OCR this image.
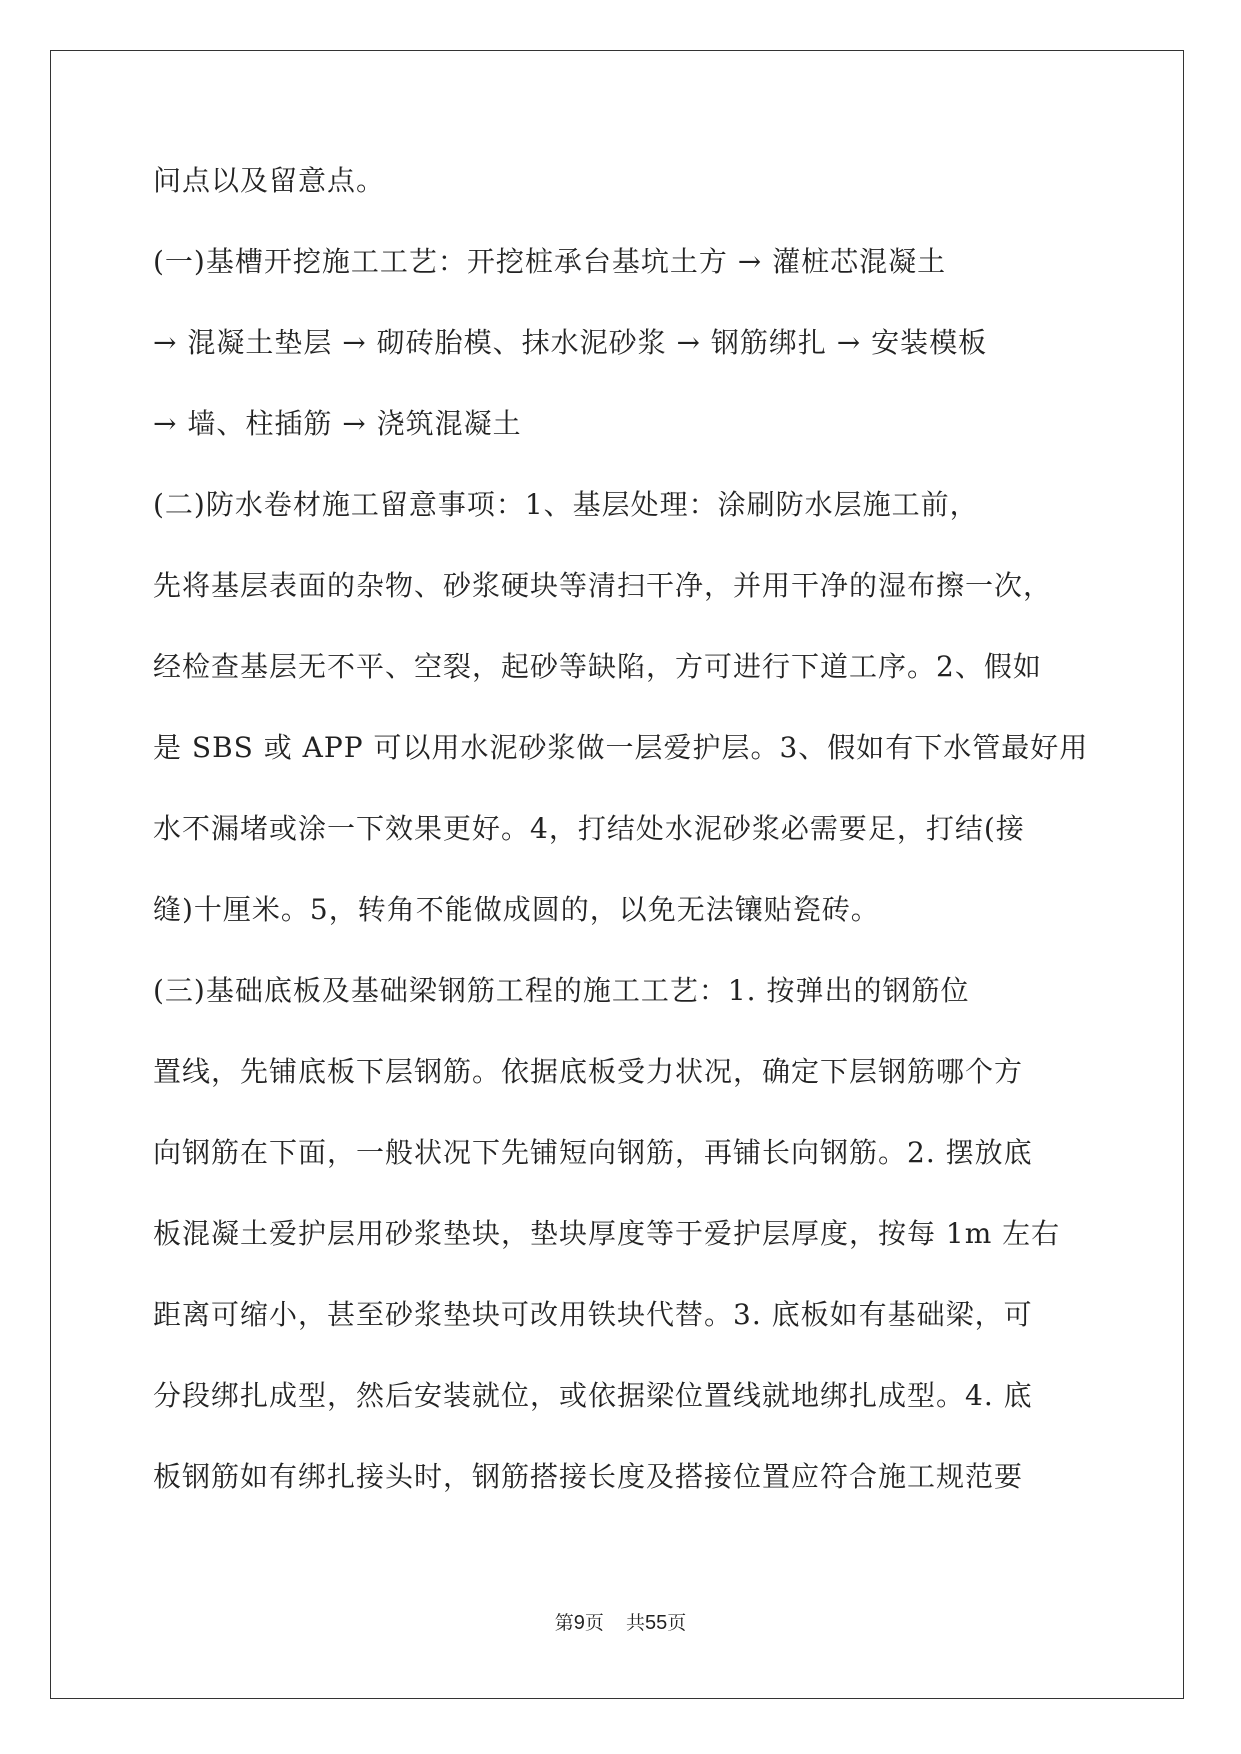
问点以及留意点。
(一)基槽开挖施工工艺：开挖桩承台基坑土方 → 灌桩芯混凝土
→ 混凝土垫层 → 砌砖胎模、抹水泥砂浆 → 钢筋绑扎 → 安装模板
→ 墙、柱插筋 → 浇筑混凝土
(二)防水卷材施工留意事项：1、基层处理：涂刷防水层施工前，
先将基层表面的杂物、砂浆硬块等清扫干净，并用干净的湿布擦一次，
经检查基层无不平、空裂，起砂等缺陷，方可进行下道工序。2、假如
是 SBS 或 APP 可以用水泥砂浆做一层爱护层。3、假如有下水管最好用
水不漏堵或涂一下效果更好。4，打结处水泥砂浆必需要足，打结(接
缝)十厘米。5，转角不能做成圆的，以免无法镶贴瓷砖。
(三)基础底板及基础梁钢筋工程的施工工艺：1. 按弹出的钢筋位
置线，先铺底板下层钢筋。依据底板受力状况，确定下层钢筋哪个方
向钢筋在下面，一般状况下先铺短向钢筋，再铺长向钢筋。2. 摆放底
板混凝土爱护层用砂浆垫块，垫块厚度等于爱护层厚度，按每 1m 左右
距离可缩小，甚至砂浆垫块可改用铁块代替。3. 底板如有基础梁，可
分段绑扎成型，然后安装就位，或依据梁位置线就地绑扎成型。4. 底
板钢筋如有绑扎接头时，钢筋搭接长度及搭接位置应符合施工规范要
第9页 共55页
